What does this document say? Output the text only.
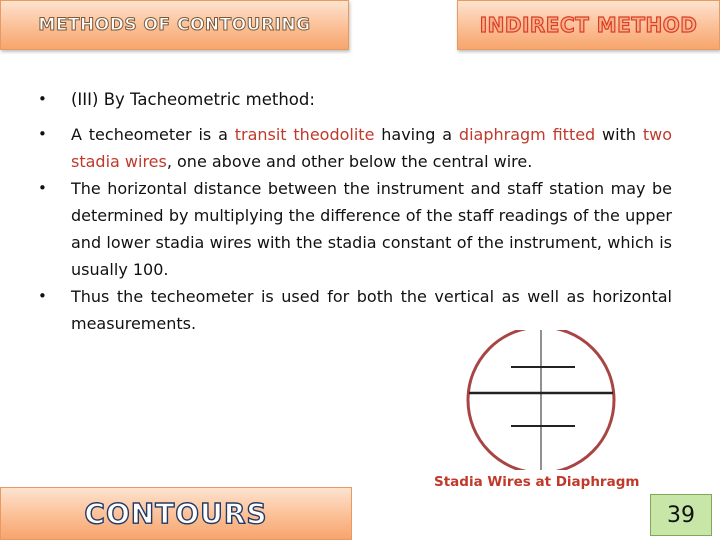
METHODS OF CONTOURING	INDIRECT METHOD
•	(III) By Tacheometric method:
•	A techeometer is a transit theodolite having a diaphragm fitted with two stadia wires, one above and other below the central wire.
•	The horizontal distance between the instrument and staff station may be determined by multiplying the difference of the staff readings of the upper and lower stadia wires with the stadia constant of the instrument, which is usually 100.
•	Thus the techeometer is used for both the vertical as well as horizontal measurements.
Stadia Wires at Diaphragm
CONTOURS	39
